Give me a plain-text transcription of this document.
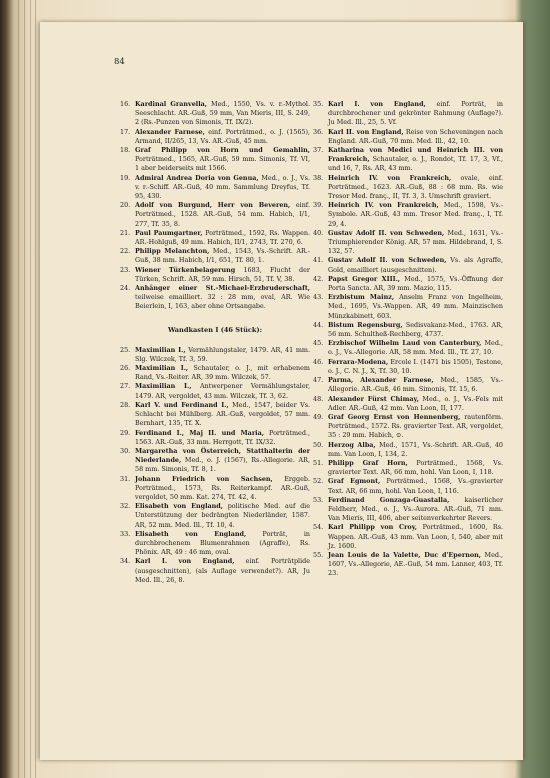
84
16. Kardinal Granvella, Med., 1550, Vs. v. r.-Mythol. Seeschlacht. AR.-Guß, 59 mm, Van Mieris, III, S. 249, 2 (Rs.-Punzen von Simonis, Tf. IX/2).
17. Alexander Farnese, einf. Porträtmed., o. J. (1565), Armand, II/265, 13, Vs. AR.-Guß, 45 mm.
18. Graf Philipp von Horn und Gemahlin, Porträtmed., 1565, AR.-Guß, 59 mm. Simonis, Tf. VI, 1 aber beiderseits mit 1566.
19. Admiral Andrea Doria von Genua, Med., o. J., Vs. v. r.-Schiff. AR.-Guß, 40 mm. Sammlung Dreyfus, Tf. 95, 430.
20. Adolf von Burgund, Herr von Beveren, einf. Porträtmed., 1528. AR.-Guß, 54 mm. Habich, I/1, 277, Tf. 35, 8.
21. Paul Paumgartner, Porträtmed., 1592, Rs. Wappen. AR.-Hohlguß, 49 mm. Habich, II/1, 2743, Tf. 270, 6.
22. Philipp Melanchton, Med., 1543, Vs.-Schrift. AR.-Guß, 38 mm. Habich, I/1, 651, Tf. 80, 1.
23. Wiener Türkenbelagerung 1683, Flucht der Türken, Schrift. AR, 59 mm. Hirsch, 51, Tf. V, 38.
24. Anhänger einer St.-Michael-Erzbruderschaft, teilweise emailliert. 32 : 28 mm, oval, AR. Wie Beierlein, I, 163, aber ohne Ortsangabe.
Wandkasten I (46 Stück):
25. Maximilian I., Vermählungstaler, 1479. AR, 41 mm. Slg. Wilczek, Tf. 3, 59.
26. Maximilian I., Schautaler, o. J., mit erhabenem Rand, Vs.-Reiter. AR, 39 mm. Wilczek, 57.
27. Maximilian I., Antwerpener Vermählungstaler, 1479. AR, vergoldet, 43 mm. Wilczek, Tf. 3, 62.
28. Karl V. und Ferdinand I., Med., 1547, beider Vs. Schlacht bei Mühlberg. AR.-Guß, vergoldet, 57 mm. Bernhart, 135, Tf. X.
29. Ferdinand I., Maj II. und Maria, Porträtmed., 1563. AR.-Guß, 33 mm. Herrgott, Tf. IX/32.
30. Margaretha von Österreich, Statthalterin der Niederlande, Med., o. J. (1567), Rs.-Allegorie. AR, 58 mm. Simonis, Tf. 8, 1.
31. Johann Friedrich von Sachsen, Erggeb. Porträtmed., 1573, Rs. Reiterkampf. AR.-Guß, vergoldet, 50 mm. Kat. 274, Tf. 42, 4.
32. Elisabeth von England, politische Med. auf die Unterstützung der bedrängten Niederländer, 1587. AR, 52 mm. Med. Ill., Tf. 10, 4.
33. Elisabeth von England, Porträt, in durchbrochenem Blumenrahmen (Agraffe), Rs. Phönix. AR, 49 : 46 mm, oval.
34. Karl I. von England, einf. Porträtplide (ausgeschnitten), (als Auflage verwendet?). AR, Ju Med. Ill., 26, 8.
35. Karl I. von England, einf. Porträt, in durchbrochener und gekrönter Rahmung (Auflage?). Ju Med. Ill., 25, 5. Vf.
36. Karl II. von England, Reise von Scheveningen nach England. AR.-Guß, 70 mm. Med. Ill., 42, 10.
37. Katharina von Medici und Heinrich III. von Frankreich, Schautaler, o. J., Rondot, Tf. 17, 3, Vf., und 16, 7, Rs. AR, 43 mm.
38. Heinrich IV. von Frankreich, ovale, einf. Porträtmed., 1623. AR.-Guß, 88 : 68 mm. Rs. wie Tresor Med. franç., II, Tf. 3, 3. Umschrift graviert.
39. Heinrich IV. von Frankreich, Med., 1598, Vs.-Symbole. AR.-Guß, 43 mm. Tresor Med. franç., I, Tf. 29, 4.
40. Gustav Adolf II. von Schweden, Med., 1631, Vs.-Triumphierender König. AR, 57 mm. Hildebrand, I, S. 132, 57.
41. Gustav Adolf II. von Schweden, Vs. als Agraffe, Gold, emailliert (ausgeschnitten).
42. Papst Gregor XIII., Med., 1575, Vs.-Öffnung der Porta Sancta. AR, 39 mm. Mazio, 115.
43. Erzbistum Mainz, Anselm Franz von Ingelheim, Med., 1695, Vs.-Wappen. AR, 49 mm. Mainzischen Münzkabinett, 603.
44. Bistum Regensburg, Sedisvakanz-Med., 1763. AR, 56 mm. Schultheß-Rechberg, 4737.
45. Erzbischof Wilhelm Laud von Canterbury, Med., o. J., Vs.-Allegorie. AR, 58 mm. Med. Ill., Tf. 27, 10.
46. Ferrara-Modena, Ercole I. (1471 bis 1505), Testone, o. J., C. N. J., X, Tf. 30, 10.
47. Parma, Alexander Farnese, Med., 1585, Vs.-Allegorie. AR.-Guß, 46 mm. Simonis, Tf. 15, 6.
48. Alexander Fürst Chimay, Med., o. J., Vs.-Fels mit Adler. AR.-Guß, 42 mm. Van Loon, II, 177.
49. Graf Georg Ernst von Hennenberg, rautenförm. Porträtmed., 1572. Rs. gravierter Text. AR, vergoldet, 35 : 29 mm. Habich, ⊙.
50. Herzog Alba, Med., 1571, Vs.-Schrift. AR.-Guß, 40 mm. Van Loon, I, 134, 2.
51. Philipp Graf Horn, Porträtmed., 1568, Vs. gravierter Text. AR, 66 mm, hohl. Van Loon, I, 118.
52. Graf Egmont, Porträtmed., 1568, Vs.-gravierter Text. AR, 66 mm, hohl. Van Loon, I, 116.
53. Ferdinand Gonzaga-Guastalla, kaiserlicher Feldherr, Med., o. J., Vs.-Aurora. AR.-Guß, 71 mm. Van Mieris, III, 406, aber seitenverkehrter Revers.
54. Karl Philipp von Croy, Porträtmed., 1600, Rs. Wappen. AR.-Guß, 43 mm. Van Loon, I, 540, aber mit Jz. 1600.
55. Jean Louis de la Valette, Duc d'Epernon, Med., 1607, Vs.-Allegorie, AE.-Guß, 54 mm. Lanner, 403, Tf. 23.
